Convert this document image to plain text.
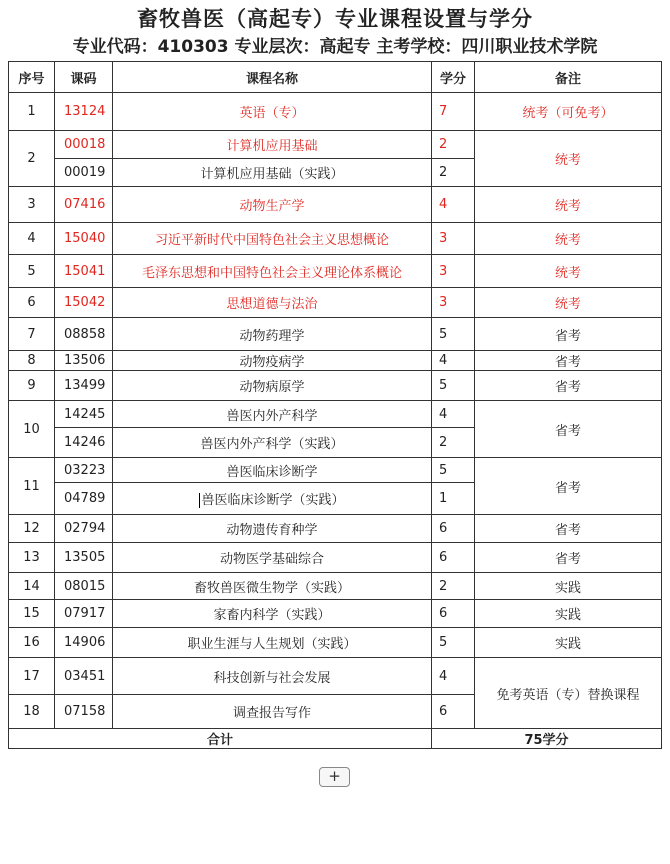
畜牧兽医（高起专）专业课程设置与学分
专业代码：410303 专业层次：高起专 主考学校：四川职业技术学院
序号	课码	课程名称	学分	备注
1	13124	英语（专）	7	统考（可免考）
2	00018	计算机应用基础	2	统考
	00019	计算机应用基础（实践）	2	
3	07416	动物生产学	4	统考
4	15040	习近平新时代中国特色社会主义思想概论	3	统考
5	15041	毛泽东思想和中国特色社会主义理论体系概论	3	统考
6	15042	思想道德与法治	3	统考
7	08858	动物药理学	5	省考
8	13506	动物疫病学	4	省考
9	13499	动物病原学	5	省考
10	14245	兽医内外产科学	4	省考
	14246	兽医内外产科学（实践）	2	
11	03223	兽医临床诊断学	5	省考
	04789	兽医临床诊断学（实践）	1	
12	02794	动物遗传育种学	6	省考
13	13505	动物医学基础综合	6	省考
14	08015	畜牧兽医微生物学（实践）	2	实践
15	07917	家畜内科学（实践）	6	实践
16	14906	职业生涯与人生规划（实践）	5	实践
17	03451	科技创新与社会发展	4	免考英语（专）替换课程
18	07158	调查报告写作	6	
合计			75学分	
+
